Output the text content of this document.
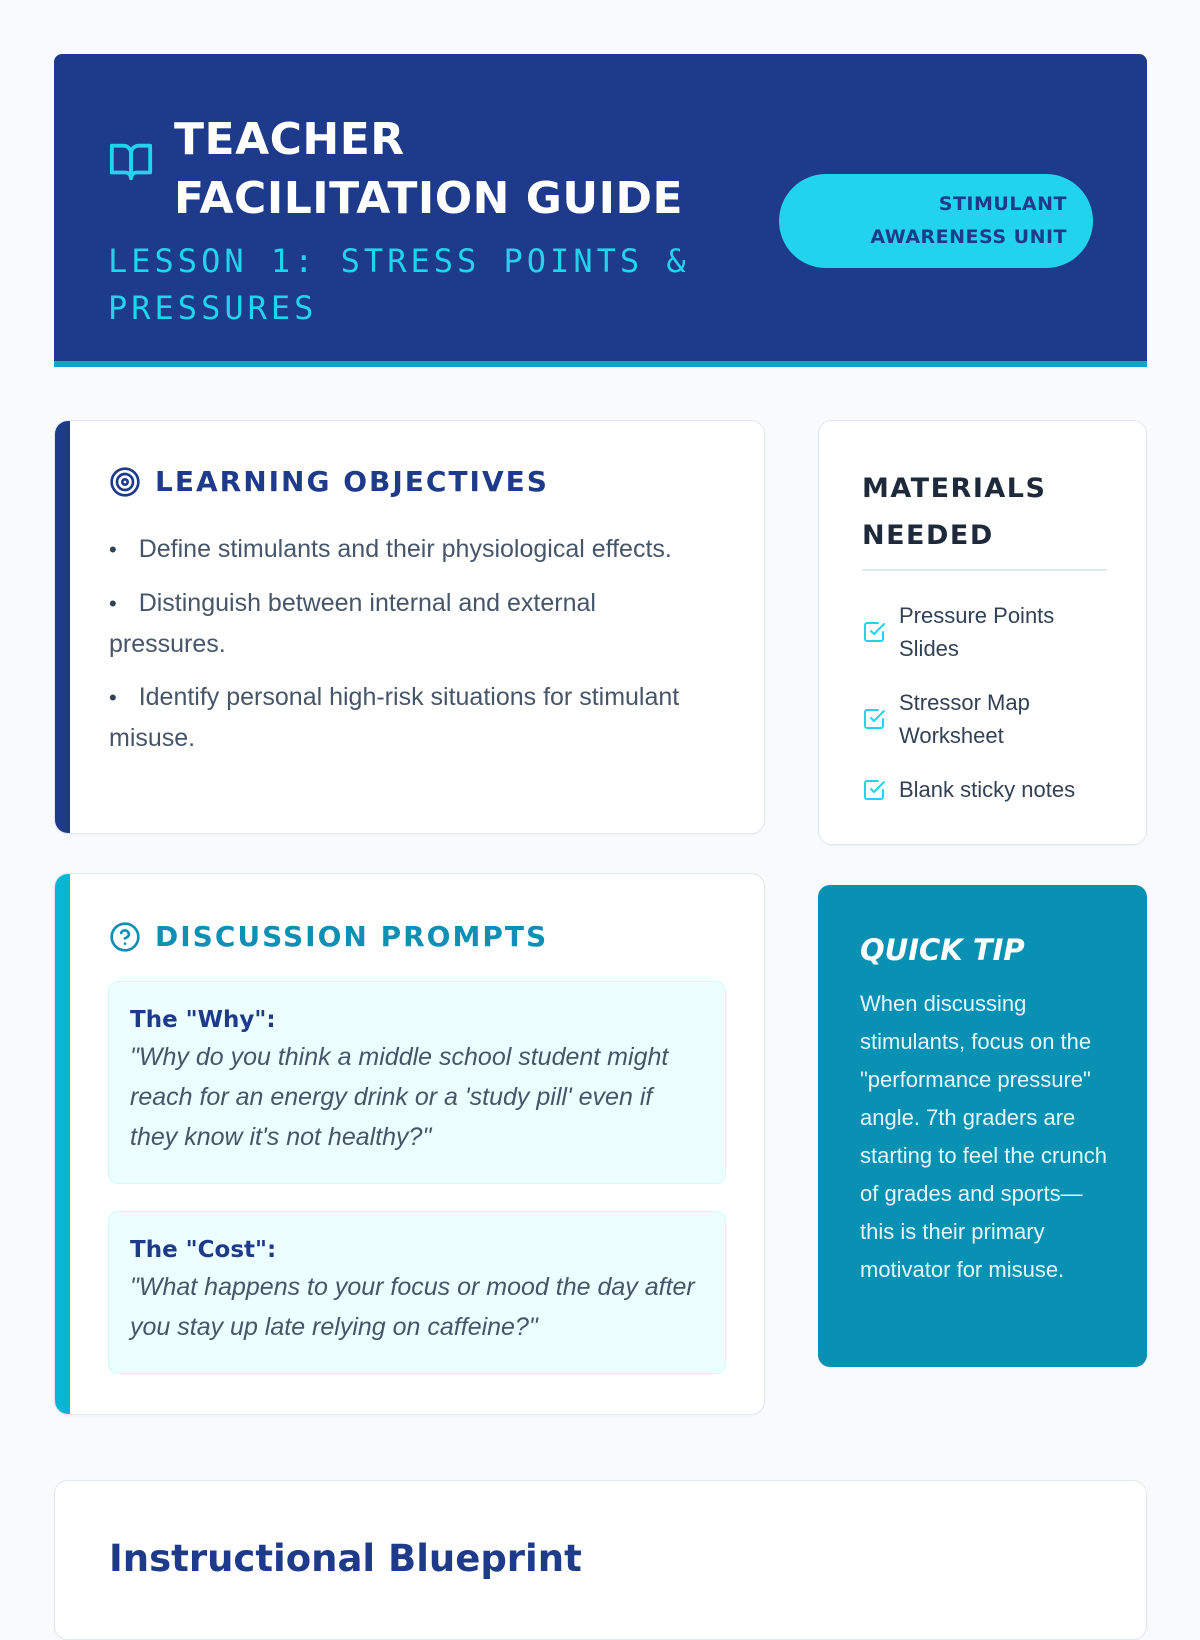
TEACHER FACILITATION GUIDE
LESSON 1: STRESS POINTS & PRESSURES
STIMULANT AWARENESS UNIT
LEARNING OBJECTIVES
• Define stimulants and their physiological effects.
• Distinguish between internal and external pressures.
• Identify personal high-risk situations for stimulant misuse.
MATERIALS NEEDED
Pressure Points Slides
Stressor Map Worksheet
Blank sticky notes
DISCUSSION PROMPTS
The "Why":
"Why do you think a middle school student might reach for an energy drink or a 'study pill' even if they know it's not healthy?"
The "Cost":
"What happens to your focus or mood the day after you stay up late relying on caffeine?"
QUICK TIP
When discussing stimulants, focus on the "performance pressure" angle. 7th graders are starting to feel the crunch of grades and sports—this is their primary motivator for misuse.
Instructional Blueprint
